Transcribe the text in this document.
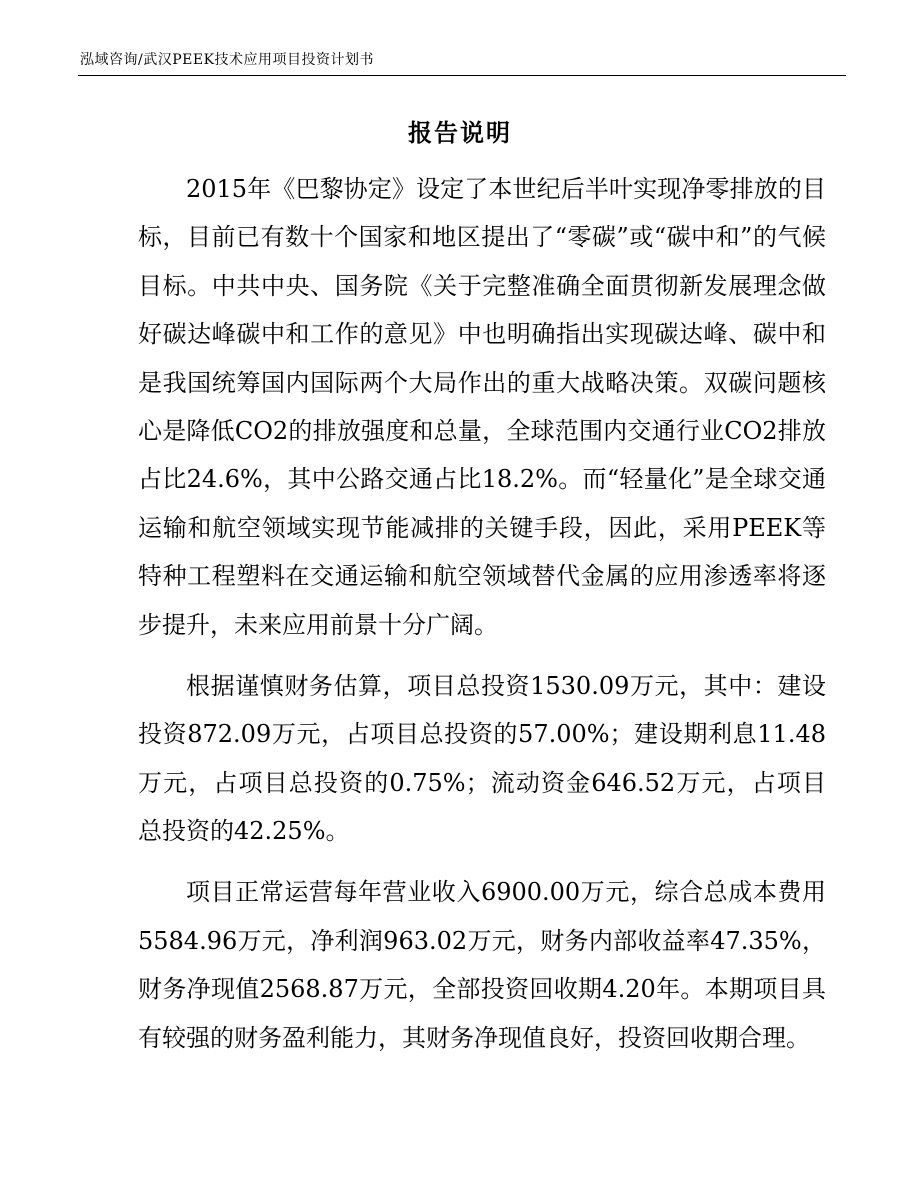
泓域咨询/武汉PEEK技术应用项目投资计划书
报告说明

2015年《巴黎协定》设定了本世纪后半叶实现净零排放的目标，目前已有数十个国家和地区提出了“零碳”或“碳中和”的气候目标。中共中央、国务院《关于完整准确全面贯彻新发展理念做好碳达峰碳中和工作的意见》中也明确指出实现碳达峰、碳中和是我国统筹国内国际两个大局作出的重大战略决策。双碳问题核心是降低CO2的排放强度和总量，全球范围内交通行业CO2排放占比24.6%，其中公路交通占比18.2%。而“轻量化”是全球交通运输和航空领域实现节能减排的关键手段，因此，采用PEEK等特种工程塑料在交通运输和航空领域替代金属的应用渗透率将逐步提升，未来应用前景十分广阔。

根据谨慎财务估算，项目总投资1530.09万元，其中：建设投资872.09万元，占项目总投资的57.00%；建设期利息11.48万元，占项目总投资的0.75%；流动资金646.52万元，占项目总投资的42.25%。

项目正常运营每年营业收入6900.00万元，综合总成本费用5584.96万元，净利润963.02万元，财务内部收益率47.35%，财务净现值2568.87万元，全部投资回收期4.20年。本期项目具有较强的财务盈利能力，其财务净现值良好，投资回收期合理。
